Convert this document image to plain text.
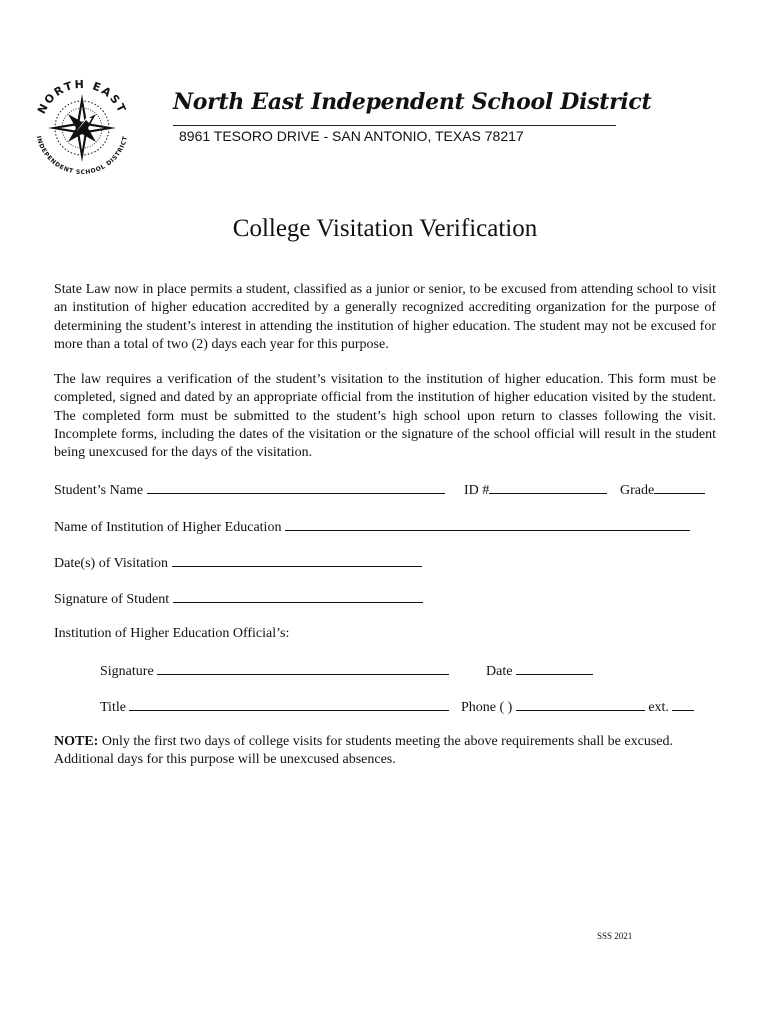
NORTH EAST
INDEPENDENT SCHOOL DISTRICT
North East Independent School District
8961 TESORO DRIVE - SAN ANTONIO, TEXAS 78217
College Visitation Verification

State Law now in place permits a student, classified as a junior or senior, to be excused from attending school to visit an institution of higher education accredited by a generally recognized accrediting organization for the purpose of determining the student’s interest in attending the institution of higher education. The student may not be excused for more than a total of two (2) days each year for this purpose.

The law requires a verification of the student’s visitation to the institution of higher education. This form must be completed, signed and dated by an appropriate official from the institution of higher education visited by the student. The completed form must be submitted to the student’s high school upon return to classes following the visit. Incomplete forms, including the dates of the visitation or the signature of the school official will result in the student being unexcused for the days of the visitation.

Student’s Name	ID #	Grade
Name of Institution of Higher Education
Date(s) of Visitation
Signature of Student
Institution of Higher Education Official’s:
Signature	Date
Title	Phone ( )	ext.

NOTE: Only the first two days of college visits for students meeting the above requirements shall be excused. Additional days for this purpose will be unexcused absences.

SSS 2021
